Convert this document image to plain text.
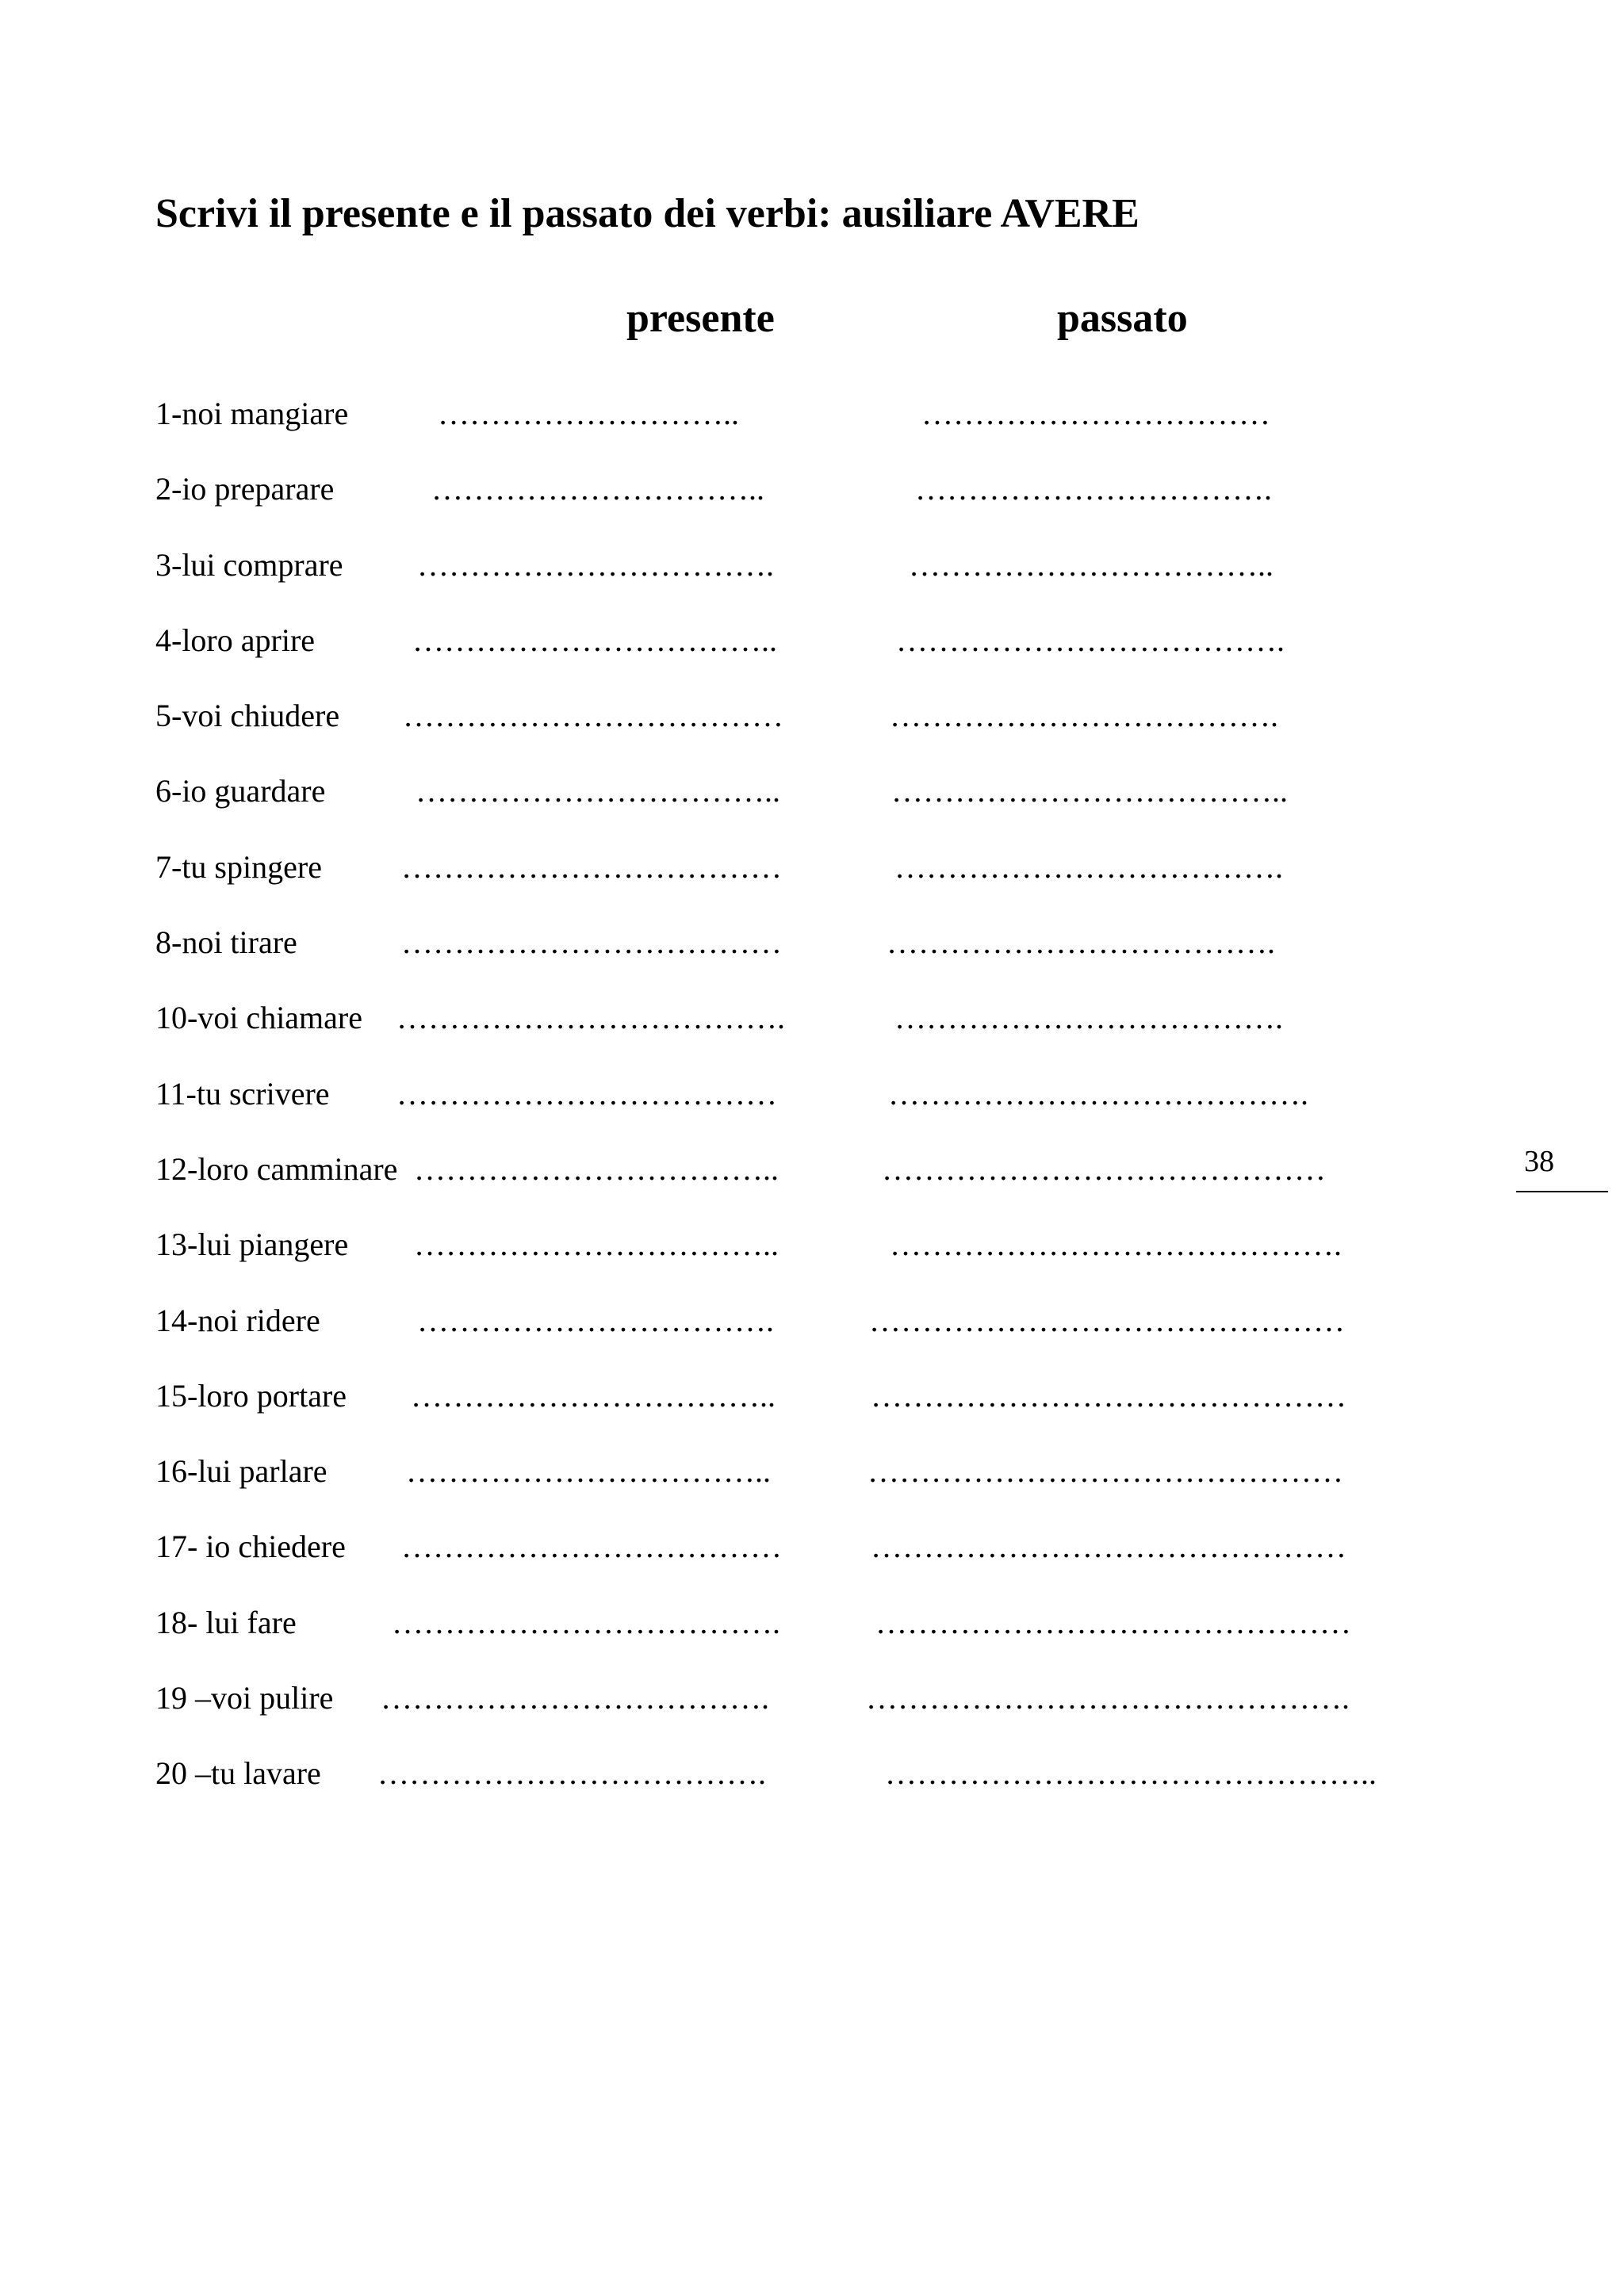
Scrivi il presente e il passato dei verbi: ausiliare AVERE
presente	passato
1-noi mangiare	………………………..	……………………………
2-io preparare	…………………………..	…………………………….
3-lui comprare …………………………….	……………………………..
4-loro aprire	……………………………..	……………………………….
5-voi chiudere ………………………………	……………………………….
6-io guardare	……………………………..	………………………………..
7-tu spingere	………………………………	……………………………….
8-noi tirare	………………………………	……………………………….
10-voi chiamare ……………………………….	……………………………….
11-tu scrivere ………………………………	………………………………….
12-loro camminare ……………………………..	……………………………………
13-lui piangere ……………………………..	…………………………………….
14-noi ridere	…………………………….	………………………………………
15-loro portare ……………………………..	………………………………………
16-lui parlare ……………………………..	………………………………………
17- io chiedere ………………………………	………………………………………
18- lui fare	……………………………….	………………………………………
19 –voi pulire ……………………………….	……………………………………….
20 –tu lavare ……………………………….	………………………………………..
38
